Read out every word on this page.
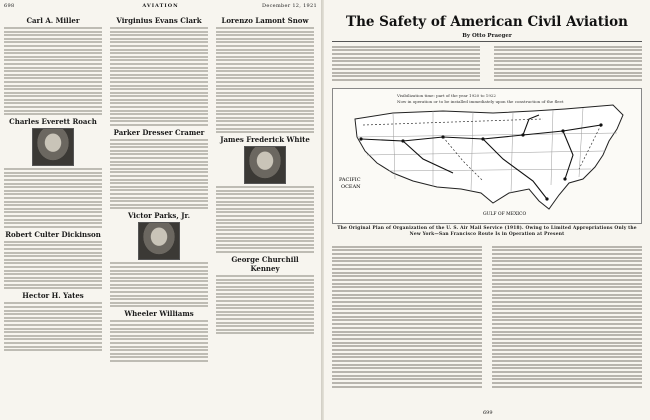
698	AVIATION	December 12, 1921
Carl A. Miller
Charles Everett Roach
Robert Culter Dickinson
Hector H. Yates
Virginius Evans Clark
Parker Dresser Cramer
Victor Parks, Jr.
Wheeler Williams
Lorenzo Lamont Snow
James Frederick White
George Churchill Kenney
The Safety of American Civil Aviation
By Otto Praeger
Visibilization time: part of the year 1920 to 1922
Now in operation or to be installed immediately upon the construction of the fleet
PACIFIC
OCEAN
GULF OF MEXICO
The Original Plan of Organization of the U. S. Air Mail Service (1918). Owing to Limited Appropriations Only the New York—San Francisco Route Is in Operation at Present
699
